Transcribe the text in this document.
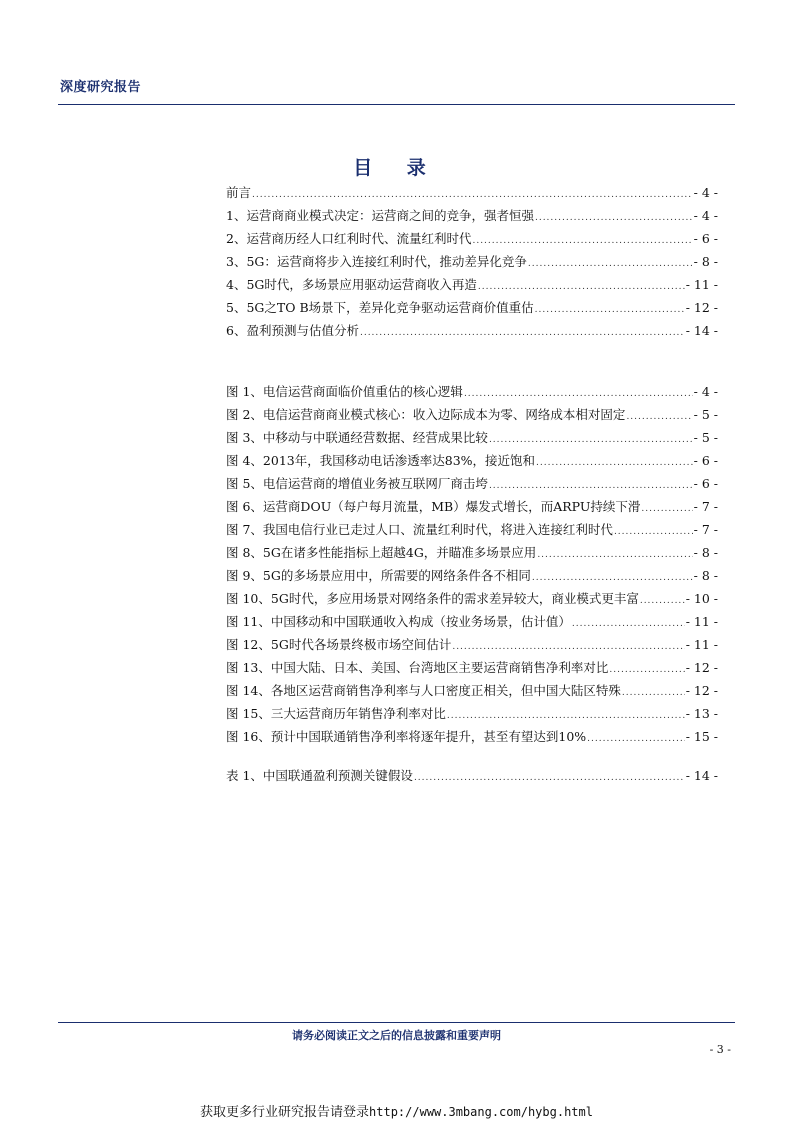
深度研究报告
目 录
前言 .....	- 4 -
1、运营商商业模式决定：运营商之间的竞争，强者恒强 .....	- 4 -
2、运营商历经人口红利时代、流量红利时代 .....	- 6 -
3、5G：运营商将步入连接红利时代，推动差异化竞争 .....	- 8 -
4、5G时代，多场景应用驱动运营商收入再造 .....	- 11 -
5、5G之TO B场景下，差异化竞争驱动运营商价值重估 .....	- 12 -
6、盈利预测与估值分析 .....	- 14 -
图 1、电信运营商面临价值重估的核心逻辑 .....	- 4 -
图 2、电信运营商商业模式核心：收入边际成本为零、网络成本相对固定 .....	- 5 -
图 3、中移动与中联通经营数据、经营成果比较 .....	- 5 -
图 4、2013年，我国移动电话渗透率达83%，接近饱和 .....	- 6 -
图 5、电信运营商的增值业务被互联网厂商击垮 .....	- 6 -
图 6、运营商DOU（每户每月流量，MB）爆发式增长，而ARPU持续下滑 .....	- 7 -
图 7、我国电信行业已走过人口、流量红利时代，将进入连接红利时代 .....	- 7 -
图 8、5G在诸多性能指标上超越4G，并瞄准多场景应用 .....	- 8 -
图 9、5G的多场景应用中，所需要的网络条件各不相同 .....	- 8 -
图 10、5G时代，多应用场景对网络条件的需求差异较大，商业模式更丰富 .....	- 10 -
图 11、中国移动和中国联通收入构成（按业务场景，估计值） .....	- 11 -
图 12、5G时代各场景终极市场空间估计 .....	- 11 -
图 13、中国大陆、日本、美国、台湾地区主要运营商销售净利率对比 .....	- 12 -
图 14、各地区运营商销售净利率与人口密度正相关，但中国大陆区特殊 .....	- 12 -
图 15、三大运营商历年销售净利率对比 .....	- 13 -
图 16、预计中国联通销售净利率将逐年提升，甚至有望达到10% .....	- 15 -
表 1、中国联通盈利预测关键假设 .....	- 14 -
请务必阅读正文之后的信息披露和重要声明
- 3 -
获取更多行业研究报告请登录http://www.3mbang.com/hybg.html
